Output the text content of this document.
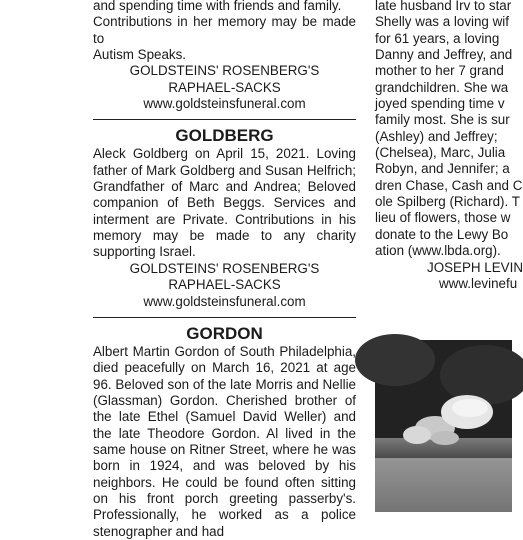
and spending time with friends and family.

Contributions in her memory may be made to

Autism Speaks.

GOLDSTEINS' ROSENBERG'S

RAPHAEL-SACKS

www.goldsteinsfuneral.com

GOLDBERG

Aleck Goldberg on April 15, 2021. Loving father of Mark Goldberg and Susan Helfrich; Grandfather of Marc and Andrea; Beloved companion of Beth Beggs. Services and interment are Private. Contributions in his memory may be made to any charity supporting Israel.

GOLDSTEINS' ROSENBERG'S

RAPHAEL-SACKS

www.goldsteinsfuneral.com

GORDON

Albert Martin Gordon of South Philadelphia, died peacefully on March 16, 2021 at age 96. Beloved son of the late Morris and Nellie (Glassman) Gordon. Cherished brother of the late Ethel (Samuel David Weller) and the late Theodore Gordon. Al lived in the same house on Ritner Street, where he was born in 1924, and was beloved by his neighbors. He could be found often sitting on his front porch greeting passerby's. Professionally, he worked as a police stenographer and had

late husband Irv to star

Shelly was a loving wif

for 61 years, a loving

Danny and Jeffrey, and

mother to her 7 grand

grandchildren. She wa

joyed spending time v

family most. She is sur

(Ashley) and Jeffrey;

(Chelsea), Marc, Julia

Robyn, and Jennifer; a

dren Chase, Cash and C

ole Spilberg (Richard). T

lieu of flowers, those w

donate to the Lewy Bo

ation (www.lbda.org).

JOSEPH LEVIN

www.levinefu
